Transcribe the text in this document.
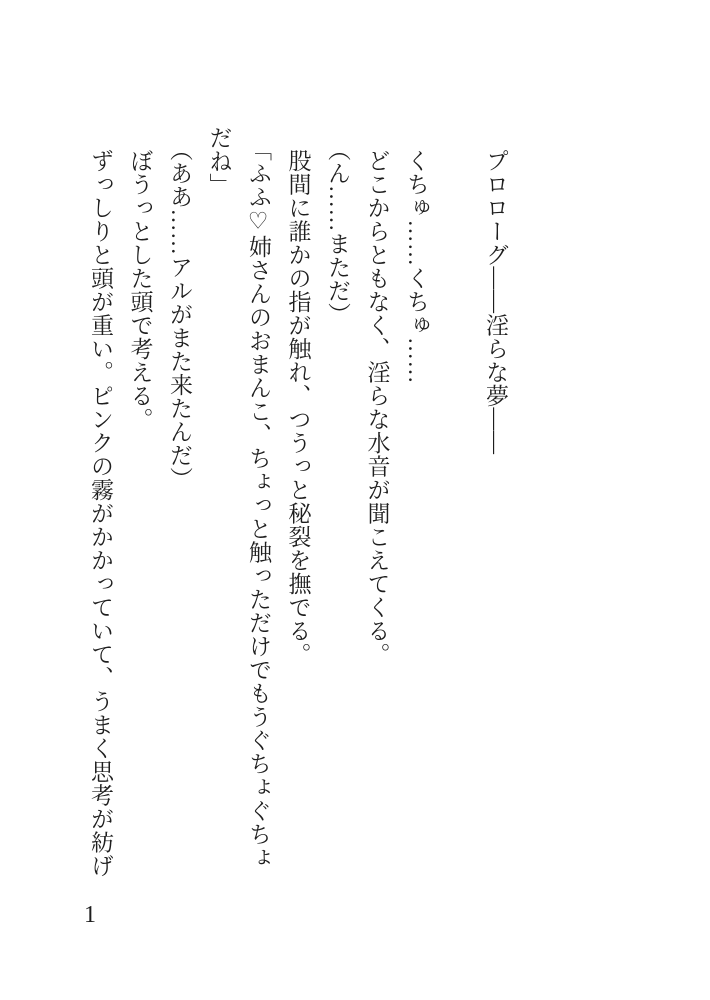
プロローグ――淫らな夢――
くちゅ……くちゅ……
どこからともなく、淫らな水音が聞こえてくる。
（ん……まただ）
股間に誰かの指が触れ、つうっと秘裂を撫でる。
「ふふ♡姉さんのおまんこ、ちょっと触っただけでもうぐちょぐちょ
だね」
（ああ……アルがまた来たんだ）
ぼうっとした頭で考える。
ずっしりと頭が重い。ピンクの霧がかかっていて、うまく思考が紡げ
1
